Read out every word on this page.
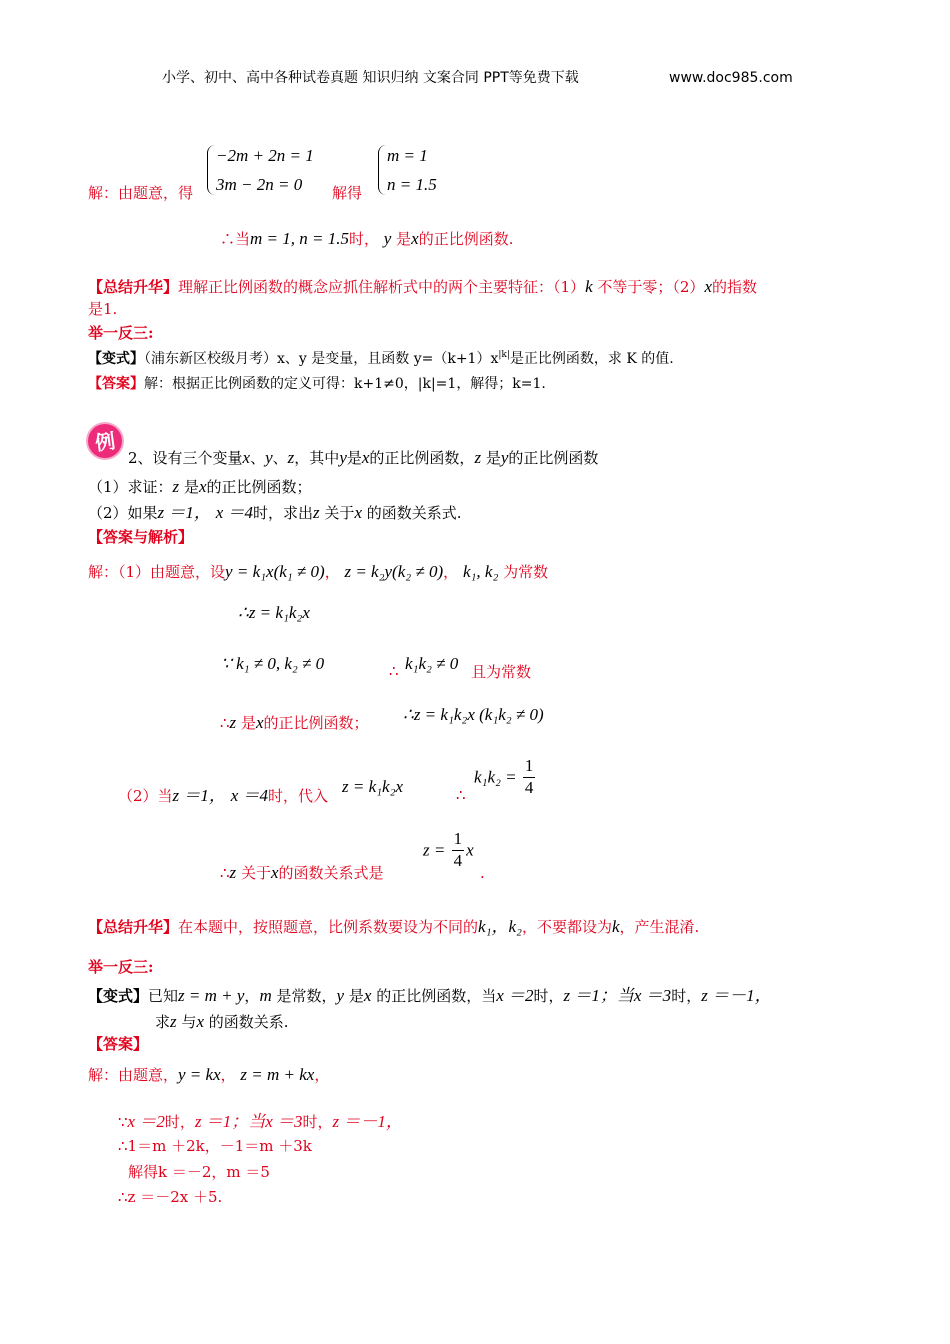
小学、初中、高中各种试卷真题 知识归纳 文案合同 PPT等免费下载	www.doc985.com
−2m + 2n = 1
3m − 2n = 0
解：由题意，得	解得
m = 1
n = 1.5
∴当m = 1, n = 1.5时， y 是x的正比例函数.
【总结升华】理解正比例函数的概念应抓住解析式中的两个主要特征：（1）k 不等于零；（2）x的指数
是1.
举一反三:
【变式】（浦东新区校级月考）x、y 是变量，且函数 $y=(k+1)x^{|k|}$是正比例函数，求 K 的值.
【答案】解：根据正比例函数的定义可得：k+1≠0，|k|=1，解得；k=1.
例
2、设有三个变量x、y、z，其中y是x的正比例函数，z 是y的正比例函数
（1）求证：z 是x的正比例函数；
（2）如果z ＝1， x ＝4时，求出z 关于x 的函数关系式.
【答案与解析】
解：（1）由题意，设y = k₁x(k₁ ≠ 0)， z = k₂y(k₂ ≠ 0)， k₁, k₂ 为常数
∴z = k₁k₂x
∵ k₁ ≠ 0, k₂ ≠ 0	∴ k₁k₂ ≠ 0 且为常数
∴z 是x的正比例函数； ∴z = k₁k₂x (k₁k₂ ≠ 0)
（2）当z ＝1， x ＝4时，代入 z = k₁k₂x	∴
$k_1k_2 = \frac{1}{4}$
∴z 关于x的函数关系式是
$z = \frac{1}{4}$ x
.
【总结升华】在本题中，按照题意，比例系数要设为不同的k₁，k₂，不要都设为k，产生混淆.
举一反三:
【变式】已知z = m + y，m 是常数，y 是x 的正比例函数，当x ＝2时，z ＝1；当x ＝3时，z ＝－1，
求z 与x 的函数关系.
【答案】
解：由题意，y = kx， z = m + kx，
∵x ＝2时，z ＝1；当x ＝3时，z ＝－1，
∴1＝m ＋2k，－1＝m ＋3k
解得k ＝－2，m ＝5
∴z ＝－2x ＋5.
